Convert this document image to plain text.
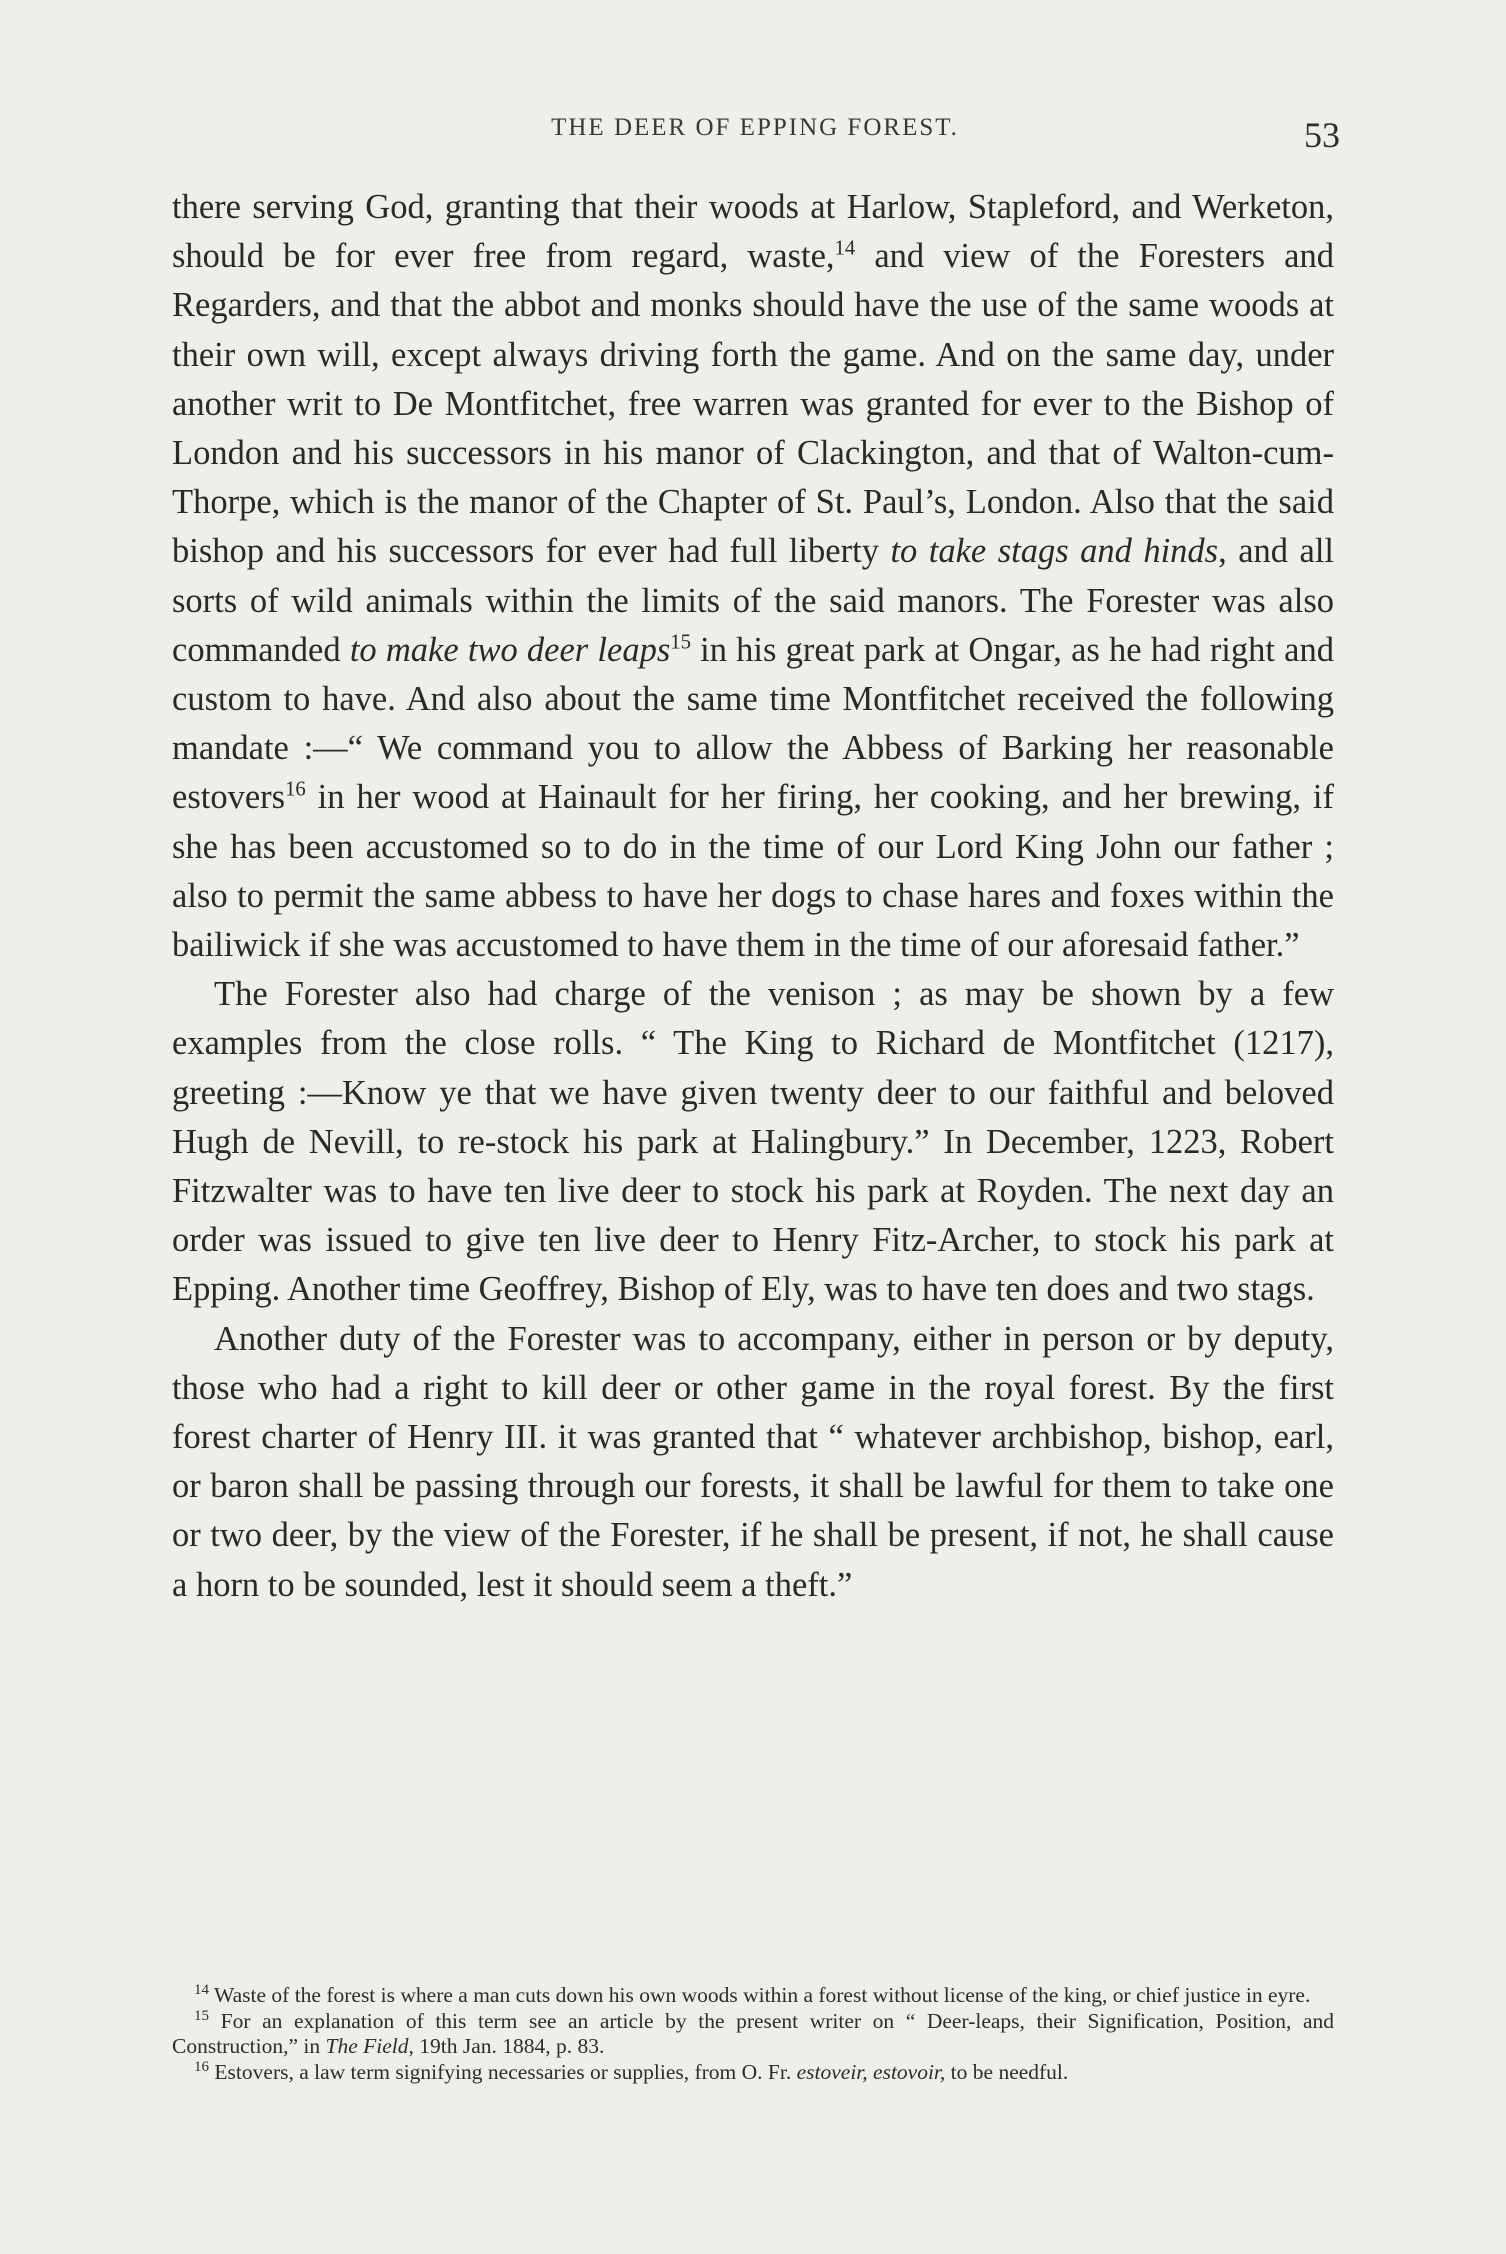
THE DEER OF EPPING FOREST.	53

there serving God, granting that their woods at Harlow, Stapleford, and Werketon, should be for ever free from regard, waste,$^{14}$ and view of the Foresters and Regarders, and that the abbot and monks should have the use of the same woods at their own will, except always driving forth the game. And on the same day, under another writ to De Montfitchet, free warren was granted for ever to the Bishop of London and his successors in his manor of Clackington, and that of Walton-cum-Thorpe, which is the manor of the Chapter of St. Paul’s, London. Also that the said bishop and his successors for ever had full liberty to take stags and hinds, and all sorts of wild animals within the limits of the said manors. The Forester was also commanded to make two deer leaps$^{15}$ in his great park at Ongar, as he had right and custom to have. And also about the same time Montfitchet received the following mandate :—“ We command you to allow the Abbess of Barking her reasonable estovers$^{16}$ in her wood at Hainault for her firing, her cooking, and her brewing, if she has been accustomed so to do in the time of our Lord King John our father ; also to permit the same abbess to have her dogs to chase hares and foxes within the bailiwick if she was accustomed to have them in the time of our aforesaid father.”

The Forester also had charge of the venison ; as may be shown by a few examples from the close rolls. “ The King to Richard de Montfitchet (1217), greeting :—Know ye that we have given twenty deer to our faithful and beloved Hugh de Nevill, to re-stock his park at Halingbury.” In December, 1223, Robert Fitzwalter was to have ten live deer to stock his park at Royden. The next day an order was issued to give ten live deer to Henry Fitz-Archer, to stock his park at Epping. Another time Geoffrey, Bishop of Ely, was to have ten does and two stags.

Another duty of the Forester was to accompany, either in person or by deputy, those who had a right to kill deer or other game in the royal forest. By the first forest charter of Henry III. it was granted that “ whatever archbishop, bishop, earl, or baron shall be passing through our forests, it shall be lawful for them to take one or two deer, by the view of the Forester, if he shall be present, if not, he shall cause a horn to be sounded, lest it should seem a theft.”

$^{14}$ Waste of the forest is where a man cuts down his own woods within a forest without license of the king, or chief justice in eyre.

$^{15}$ For an explanation of this term see an article by the present writer on “ Deer-leaps, their Signification, Position, and Construction,” in The Field, 19th Jan. 1884, p. 83.

$^{16}$ Estovers, a law term signifying necessaries or supplies, from O. Fr. estoveir, estovoir, to be needful.
